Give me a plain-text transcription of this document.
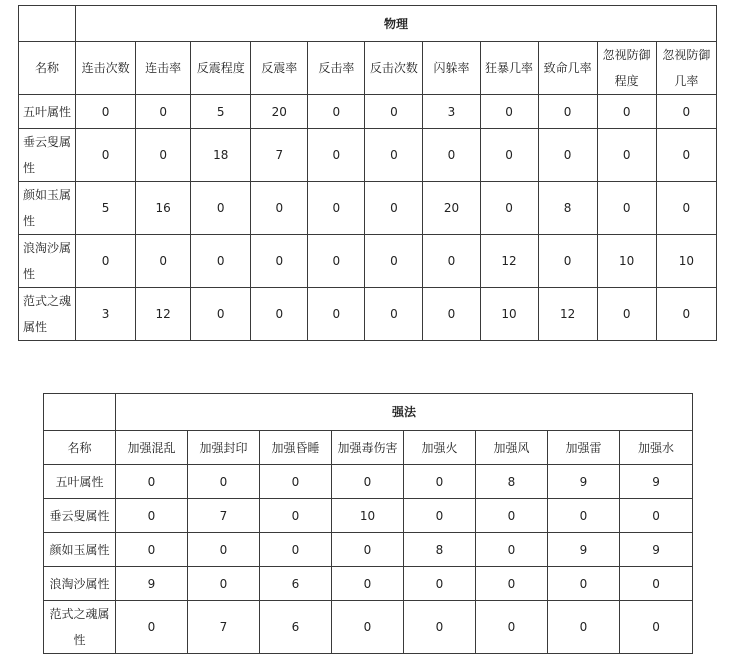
	物理										
名称	连击次数	连击率	反震程度	反震率	反击率	反击次数	闪躲率	狂暴几率	致命几率	忽视防御程度	忽视防御几率
五叶属性	0	0	5	20	0	0	3	0	0	0	0
垂云叟属性	0	0	18	7	0	0	0	0	0	0	0
颜如玉属性	5	16	0	0	0	0	20	0	8	0	0
浪淘沙属性	0	0	0	0	0	0	0	12	0	10	10
范式之魂属性	3	12	0	0	0	0	0	10	12	0	0
	强法							
名称	加强混乱	加强封印	加强昏睡	加强毒伤害	加强火	加强风	加强雷	加强水
五叶属性	0	0	0	0	0	8	9	9
垂云叟属性	0	7	0	10	0	0	0	0
颜如玉属性	0	0	0	0	8	0	9	9
浪淘沙属性	9	0	6	0	0	0	0	0
范式之魂属性	0	7	6	0	0	0	0	0
